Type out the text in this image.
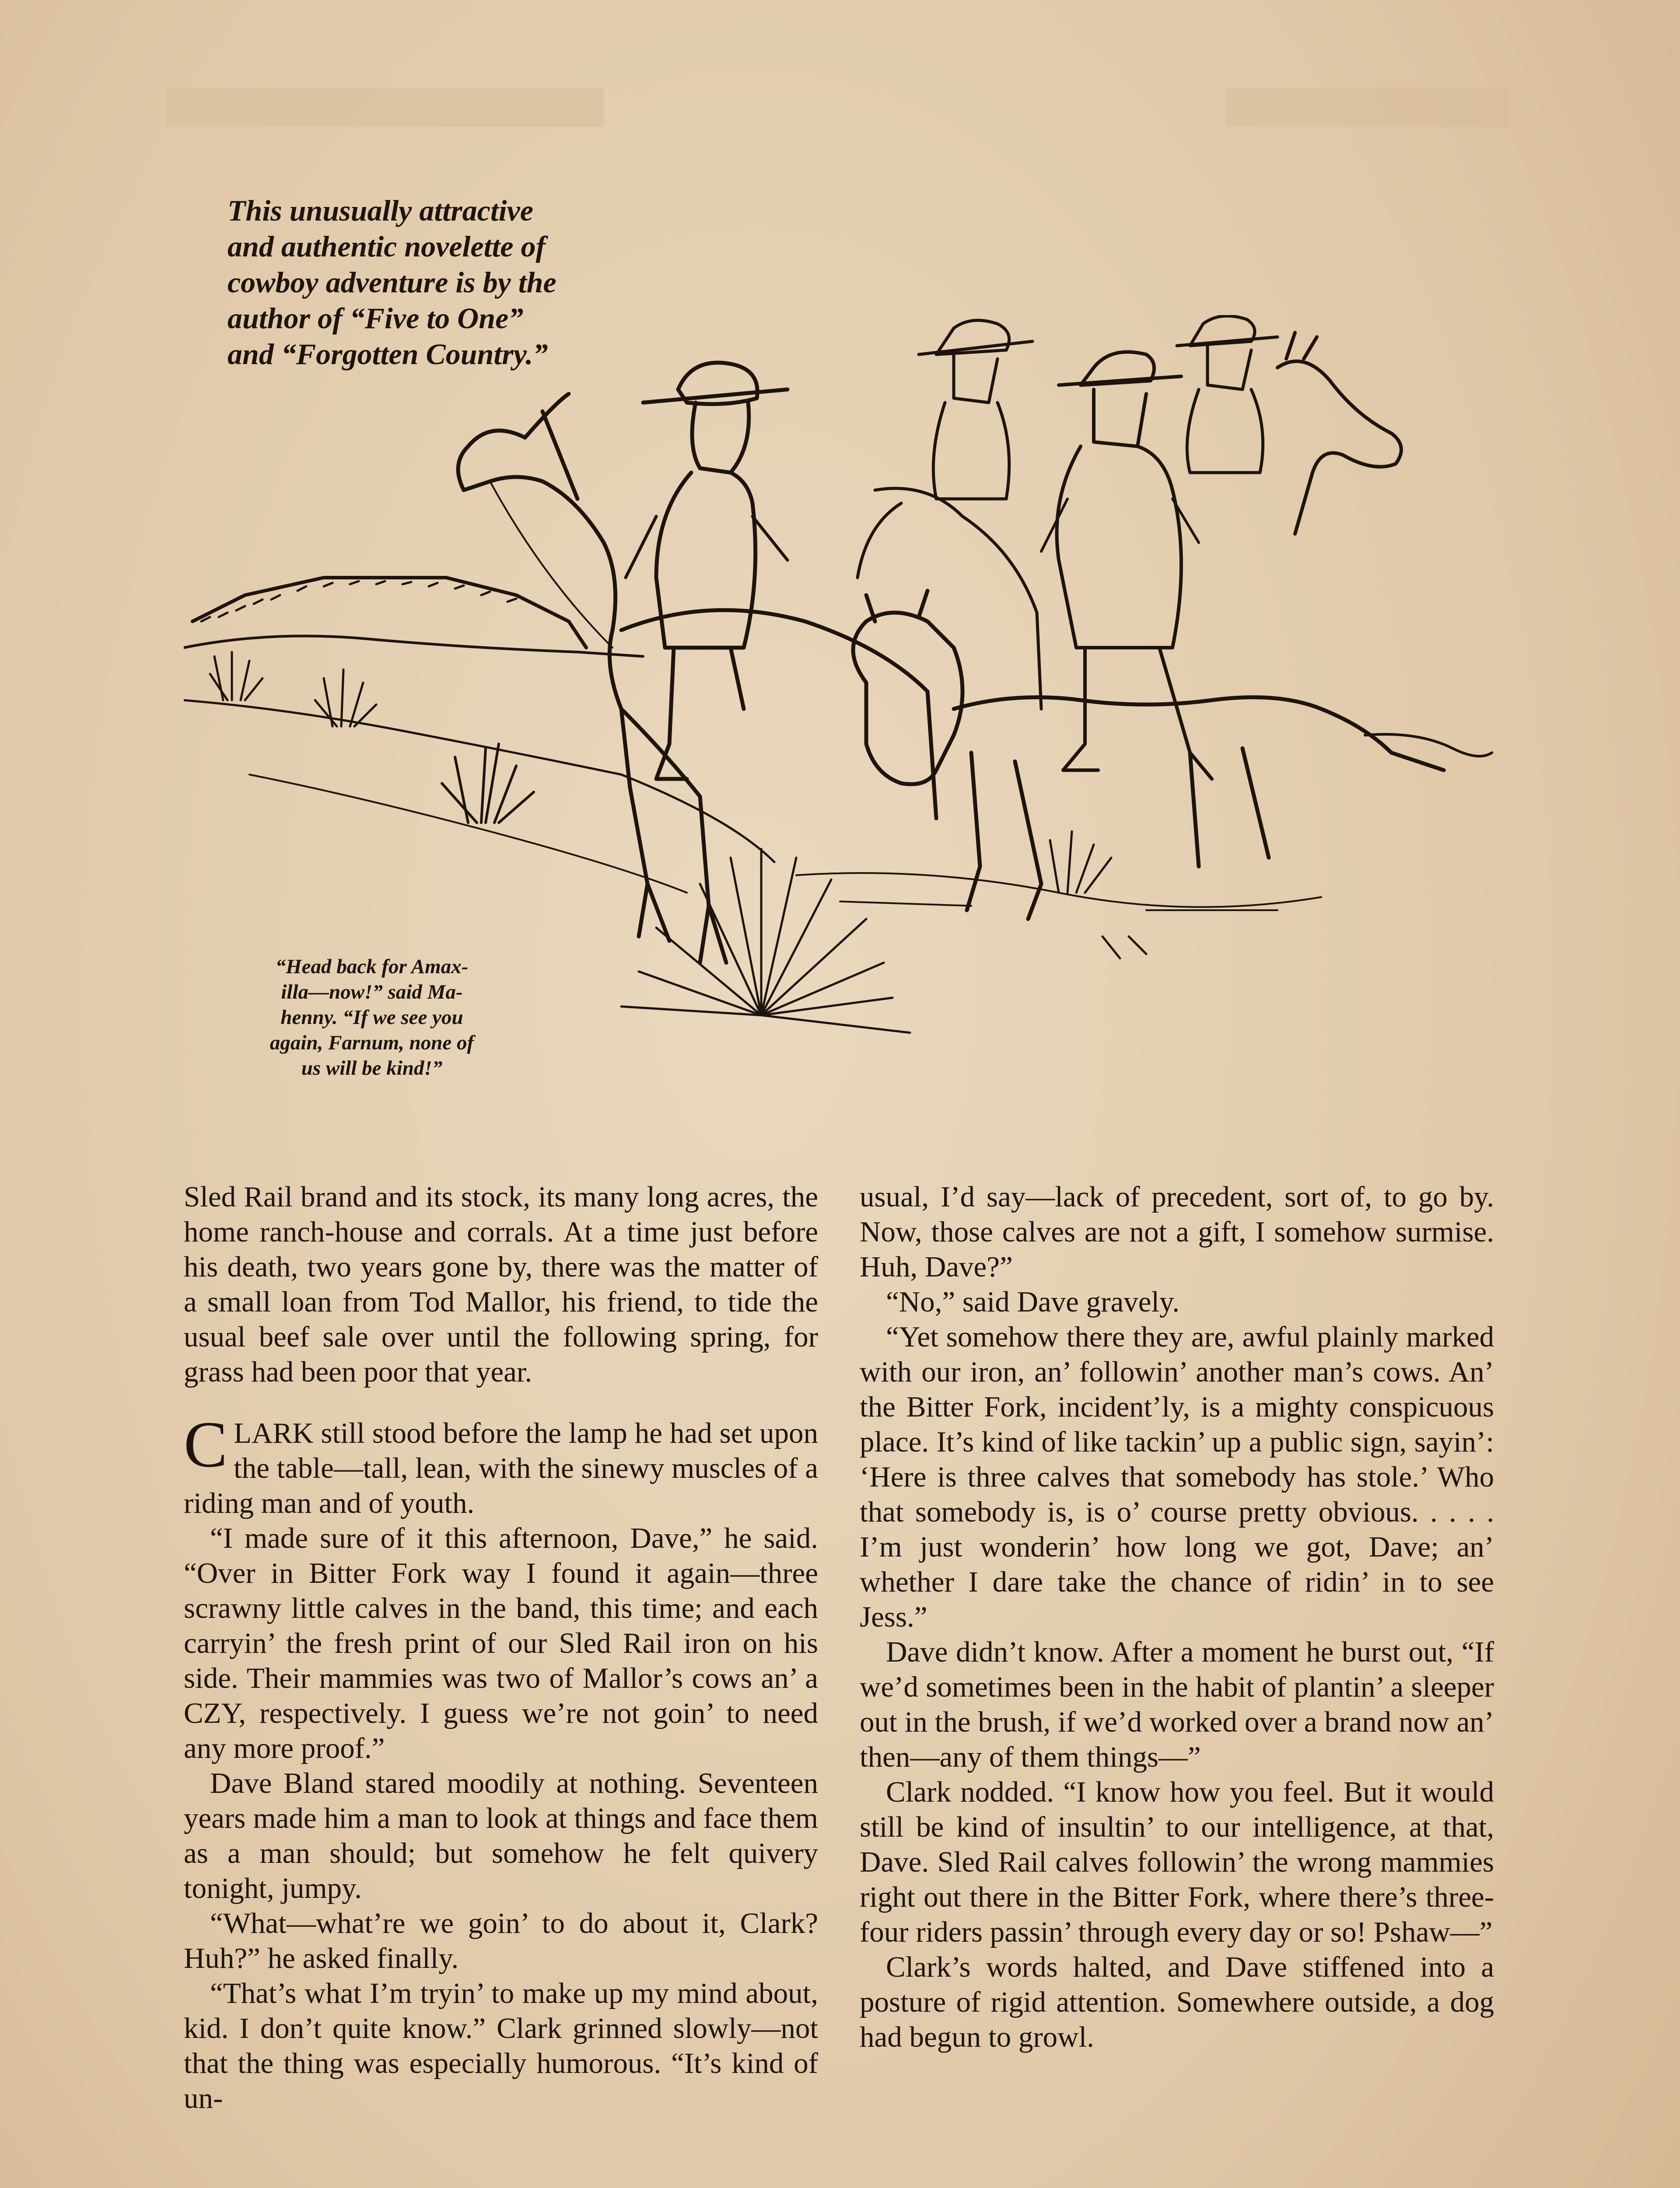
This unusually attractive
and authentic novelette of
cowboy adventure is by the
author of “Five to One”
and “Forgotten Country.”
“Head back for Amax-
illa—now!” said Ma-
henny. “If we see you
again, Farnum, none of
us will be kind!”

Sled Rail brand and its stock, its many long acres, the home ranch-house and corrals. At a time just before his death, two years gone by, there was the matter of a small loan from Tod Mallor, his friend, to tide the usual beef sale over until the following spring, for grass had been poor that year.

CLARK still stood before the lamp he had set upon the table—tall, lean, with the sinewy muscles of a riding man and of youth.

“I made sure of it this afternoon, Dave,” he said. “Over in Bitter Fork way I found it again—three scrawny little calves in the band, this time; and each carryin’ the fresh print of our Sled Rail iron on his side. Their mammies was two of Mallor’s cows an’ a CZY, respectively. I guess we’re not goin’ to need any more proof.”

Dave Bland stared moodily at nothing. Seventeen years made him a man to look at things and face them as a man should; but somehow he felt quivery tonight, jumpy.

“What—what’re we goin’ to do about it, Clark? Huh?” he asked finally.

“That’s what I’m tryin’ to make up my mind about, kid. I don’t quite know.” Clark grinned slowly—not that the thing was especially humorous. “It’s kind of un-

usual, I’d say—lack of precedent, sort of, to go by. Now, those calves are not a gift, I somehow surmise. Huh, Dave?”

“No,” said Dave gravely.

“Yet somehow there they are, awful plainly marked with our iron, an’ followin’ another man’s cows. An’ the Bitter Fork, incident’ly, is a mighty conspicuous place. It’s kind of like tackin’ up a public sign, sayin’: ‘Here is three calves that somebody has stole.’ Who that somebody is, is o’ course pretty obvious. . . . . I’m just wonderin’ how long we got, Dave; an’ whether I dare take the chance of ridin’ in to see Jess.”

Dave didn’t know. After a moment he burst out, “If we’d sometimes been in the habit of plantin’ a sleeper out in the brush, if we’d worked over a brand now an’ then—any of them things—”

Clark nodded. “I know how you feel. But it would still be kind of insultin’ to our intelligence, at that, Dave. Sled Rail calves followin’ the wrong mammies right out there in the Bitter Fork, where there’s three-four riders passin’ through every day or so! Pshaw—”

Clark’s words halted, and Dave stiffened into a posture of rigid attention. Somewhere outside, a dog had begun to growl.
